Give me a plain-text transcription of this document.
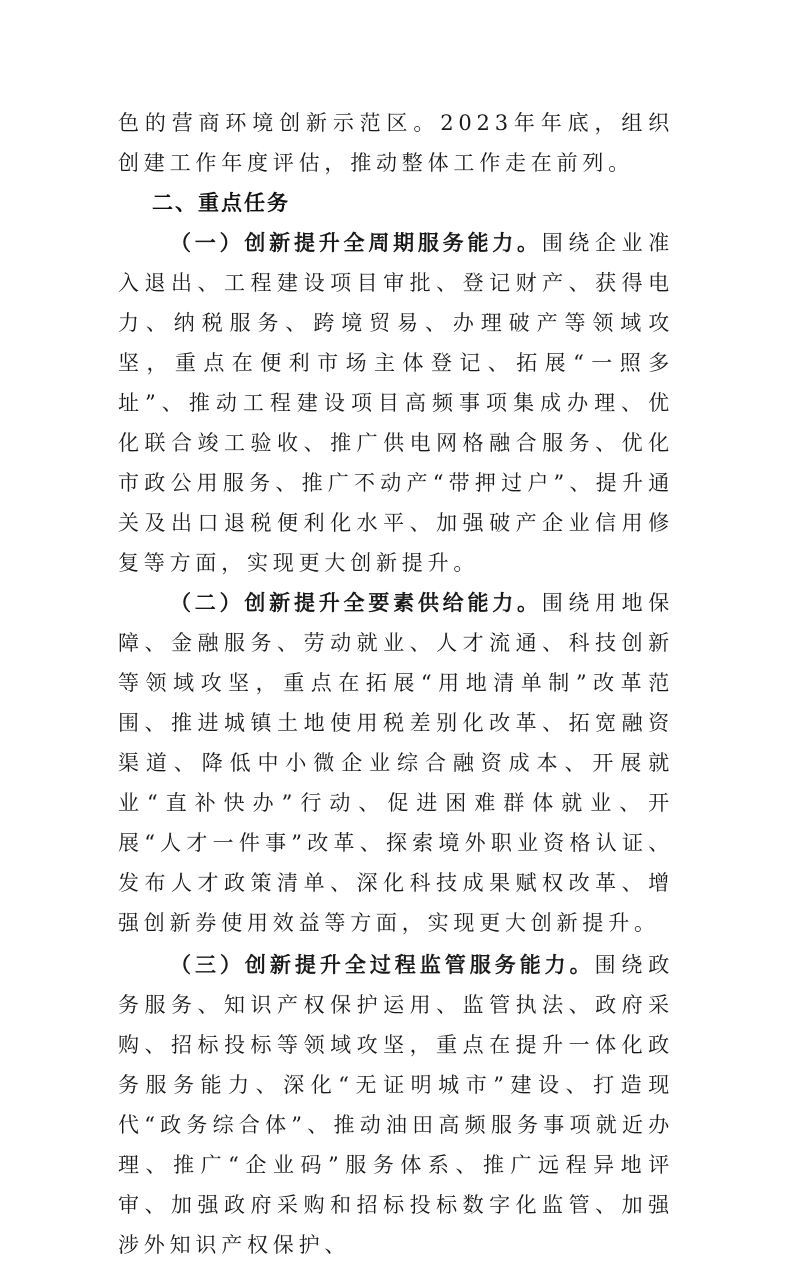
色的营商环境创新示范区。2023年年底，组织创建工作年度评估，推动整体工作走在前列。

二、重点任务

（一）创新提升全周期服务能力。围绕企业准入退出、工程建设项目审批、登记财产、获得电力、纳税服务、跨境贸易、办理破产等领域攻坚，重点在便利市场主体登记、拓展“一照多址”、推动工程建设项目高频事项集成办理、优化联合竣工验收、推广供电网格融合服务、优化市政公用服务、推广不动产“带押过户”、提升通关及出口退税便利化水平、加强破产企业信用修复等方面，实现更大创新提升。

（二）创新提升全要素供给能力。围绕用地保障、金融服务、劳动就业、人才流通、科技创新等领域攻坚，重点在拓展“用地清单制”改革范围、推进城镇土地使用税差别化改革、拓宽融资渠道、降低中小微企业综合融资成本、开展就业“直补快办”行动、促进困难群体就业、开展“人才一件事”改革、探索境外职业资格认证、发布人才政策清单、深化科技成果赋权改革、增强创新券使用效益等方面，实现更大创新提升。

（三）创新提升全过程监管服务能力。围绕政务服务、知识产权保护运用、监管执法、政府采购、招标投标等领域攻坚，重点在提升一体化政务服务能力、深化“无证明城市”建设、打造现代“政务综合体”、推动油田高频服务事项就近办理、推广“企业码”服务体系、推广远程异地评审、加强政府采购和招标投标数字化监管、加强涉外知识产权保护、
